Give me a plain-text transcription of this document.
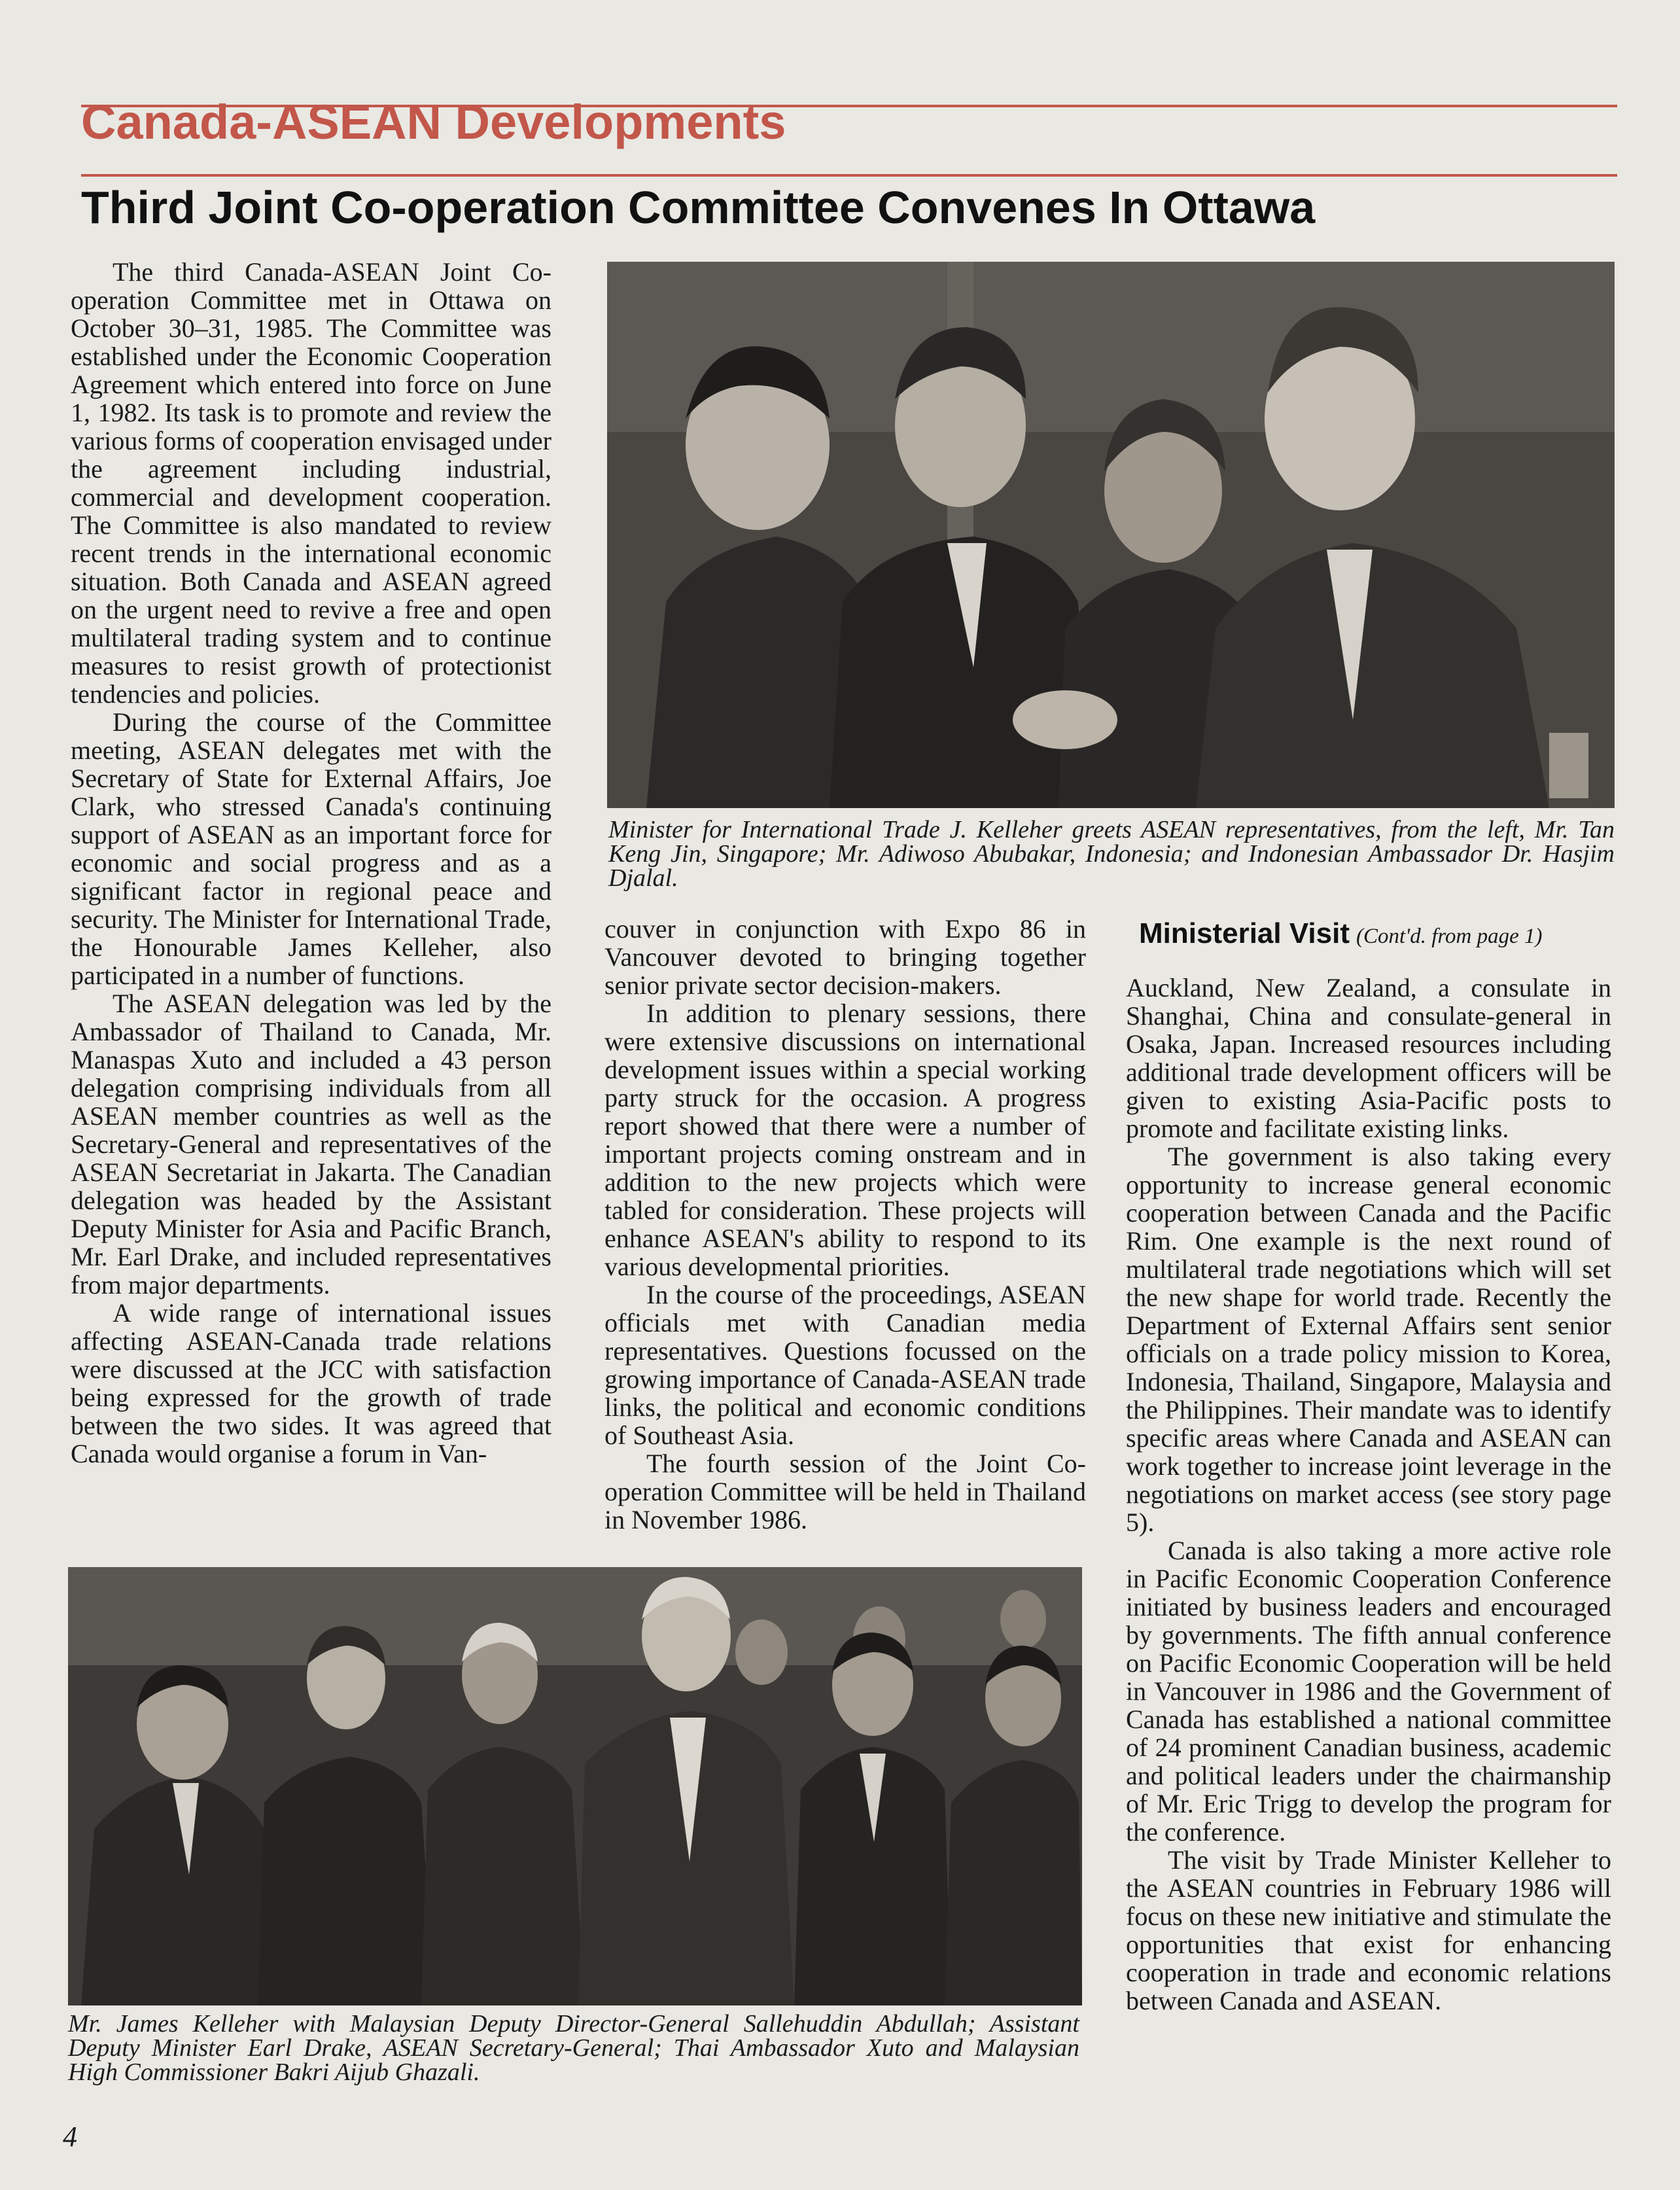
Canada-ASEAN Developments
Third Joint Co-operation Committee Convenes In Ottawa

The third Canada-ASEAN Joint Co-operation Committee met in Ottawa on October 30–31, 1985. The Committee was established under the Economic Cooperation Agreement which entered into force on June 1, 1982. Its task is to promote and review the various forms of cooperation envisaged under the agreement including industrial, commercial and development cooperation. The Committee is also mandated to review recent trends in the international economic situation. Both Canada and ASEAN agreed on the urgent need to revive a free and open multilateral trading system and to continue measures to resist growth of protectionist tendencies and policies.

During the course of the Committee meeting, ASEAN delegates met with the Secretary of State for External Affairs, Joe Clark, who stressed Canada's continuing support of ASEAN as an important force for economic and social progress and as a significant factor in regional peace and security. The Minister for International Trade, the Honourable James Kelleher, also participated in a number of functions.

The ASEAN delegation was led by the Ambassador of Thailand to Canada, Mr. Manaspas Xuto and included a 43 person delegation comprising individuals from all ASEAN member countries as well as the Secretary-General and representatives of the ASEAN Secretariat in Jakarta. The Canadian delegation was headed by the Assistant Deputy Minister for Asia and Pacific Branch, Mr. Earl Drake, and included representatives from major departments.

A wide range of international issues affecting ASEAN-Canada trade relations were discussed at the JCC with satisfaction being expressed for the growth of trade between the two sides. It was agreed that Canada would organise a forum in Van-

Minister for International Trade J. Kelleher greets ASEAN representatives, from the left, Mr. Tan Keng Jin, Singapore; Mr. Adiwoso Abubakar, Indonesia; and Indonesian Ambassador Dr. Hasjim Djalal.

couver in conjunction with Expo 86 in Vancouver devoted to bringing together senior private sector decision-makers.

In addition to plenary sessions, there were extensive discussions on international development issues within a special working party struck for the occasion. A progress report showed that there were a number of important projects coming onstream and in addition to the new projects which were tabled for consideration. These projects will enhance ASEAN's ability to respond to its various developmental priorities.

In the course of the proceedings, ASEAN officials met with Canadian media representatives. Questions focussed on the growing importance of Canada-ASEAN trade links, the political and economic conditions of Southeast Asia.

The fourth session of the Joint Co-operation Committee will be held in Thailand in November 1986.

Ministerial Visit (Cont'd. from page 1)

Auckland, New Zealand, a consulate in Shanghai, China and consulate-general in Osaka, Japan. Increased resources including additional trade development officers will be given to existing Asia-Pacific posts to promote and facilitate existing links.

The government is also taking every opportunity to increase general economic cooperation between Canada and the Pacific Rim. One example is the next round of multilateral trade negotiations which will set the new shape for world trade. Recently the Department of External Affairs sent senior officials on a trade policy mission to Korea, Indonesia, Thailand, Singapore, Malaysia and the Philippines. Their mandate was to identify specific areas where Canada and ASEAN can work together to increase joint leverage in the negotiations on market access (see story page 5).

Canada is also taking a more active role in Pacific Economic Cooperation Conference initiated by business leaders and encouraged by governments. The fifth annual conference on Pacific Economic Cooperation will be held in Vancouver in 1986 and the Government of Canada has established a national committee of 24 prominent Canadian business, academic and political leaders under the chairmanship of Mr. Eric Trigg to develop the program for the conference.

The visit by Trade Minister Kelleher to the ASEAN countries in February 1986 will focus on these new initiative and stimulate the opportunities that exist for enhancing cooperation in trade and economic relations between Canada and ASEAN.

Mr. James Kelleher with Malaysian Deputy Director-General Sallehuddin Abdullah; Assistant Deputy Minister Earl Drake, ASEAN Secretary-General; Thai Ambassador Xuto and Malaysian High Commissioner Bakri Aijub Ghazali.

4
